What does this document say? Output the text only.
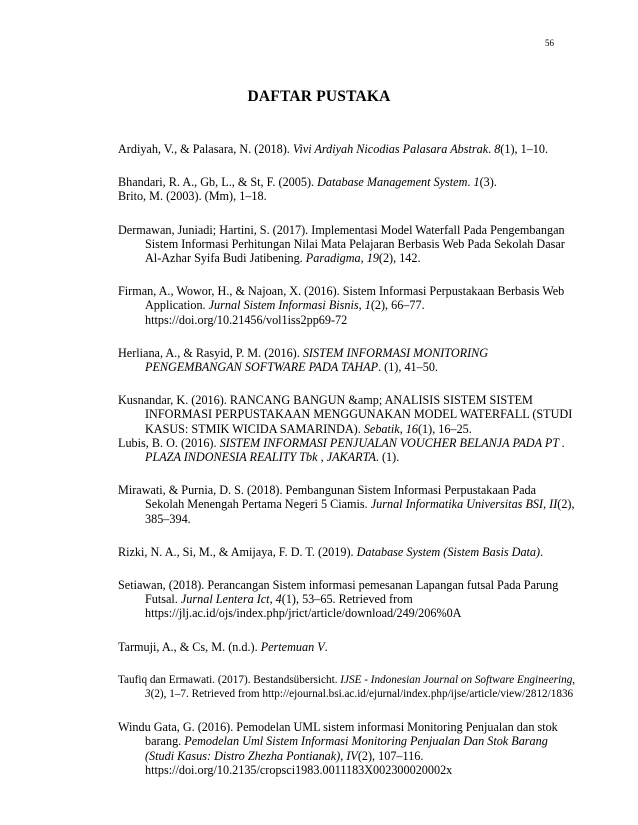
56
DAFTAR PUSTAKA

Ardiyah, V., & Palasara, N. (2018). Vivi Ardiyah Nicodias Palasara Abstrak. 8(1), 1–10.

Bhandari, R. A., Gb, L., & St, F. (2005). Database Management System. 1(3).

Brito, M. (2003). (Mm), 1–18.

Dermawan, Juniadi; Hartini, S. (2017). Implementasi Model Waterfall Pada Pengembangan Sistem Informasi Perhitungan Nilai Mata Pelajaran Berbasis Web Pada Sekolah Dasar Al-Azhar Syifa Budi Jatibening. Paradigma, 19(2), 142.

Firman, A., Wowor, H., & Najoan, X. (2016). Sistem Informasi Perpustakaan Berbasis Web Application. Jurnal Sistem Informasi Bisnis, 1(2), 66–77. https://doi.org/10.21456/vol1iss2pp69-72

Herliana, A., & Rasyid, P. M. (2016). SISTEM INFORMASI MONITORING PENGEMBANGAN SOFTWARE PADA TAHAP. (1), 41–50.

Kusnandar, K. (2016). RANCANG BANGUN &amp; ANALISIS SISTEM SISTEM INFORMASI PERPUSTAKAAN MENGGUNAKAN MODEL WATERFALL (STUDI KASUS: STMIK WICIDA SAMARINDA). Sebatik, 16(1), 16–25.

Lubis, B. O. (2016). SISTEM INFORMASI PENJUALAN VOUCHER BELANJA PADA PT . PLAZA INDONESIA REALITY Tbk , JAKARTA. (1).

Mirawati, & Purnia, D. S. (2018). Pembangunan Sistem Informasi Perpustakaan Pada Sekolah Menengah Pertama Negeri 5 Ciamis. Jurnal Informatika Universitas BSI, II(2), 385–394.

Rizki, N. A., Si, M., & Amijaya, F. D. T. (2019). Database System (Sistem Basis Data).

Setiawan, (2018). Perancangan Sistem informasi pemesanan Lapangan futsal Pada Parung Futsal. Jurnal Lentera Ict, 4(1), 53–65. Retrieved from https://jlj.ac.id/ojs/index.php/jrict/article/download/249/206%0A

Tarmuji, A., & Cs, M. (n.d.). Pertemuan V.

Taufiq dan Ermawati. (2017). Bestandsübersicht. IJSE - Indonesian Journal on Software Engineering, 3(2), 1–7. Retrieved from http://ejournal.bsi.ac.id/ejurnal/index.php/ijse/article/view/2812/1836

Windu Gata, G. (2016). Pemodelan UML sistem informasi Monitoring Penjualan dan stok barang. Pemodelan Uml Sistem Informasi Monitoring Penjualan Dan Stok Barang (Studi Kasus: Distro Zhezha Pontianak), IV(2), 107–116. https://doi.org/10.2135/cropsci1983.0011183X002300020002x
